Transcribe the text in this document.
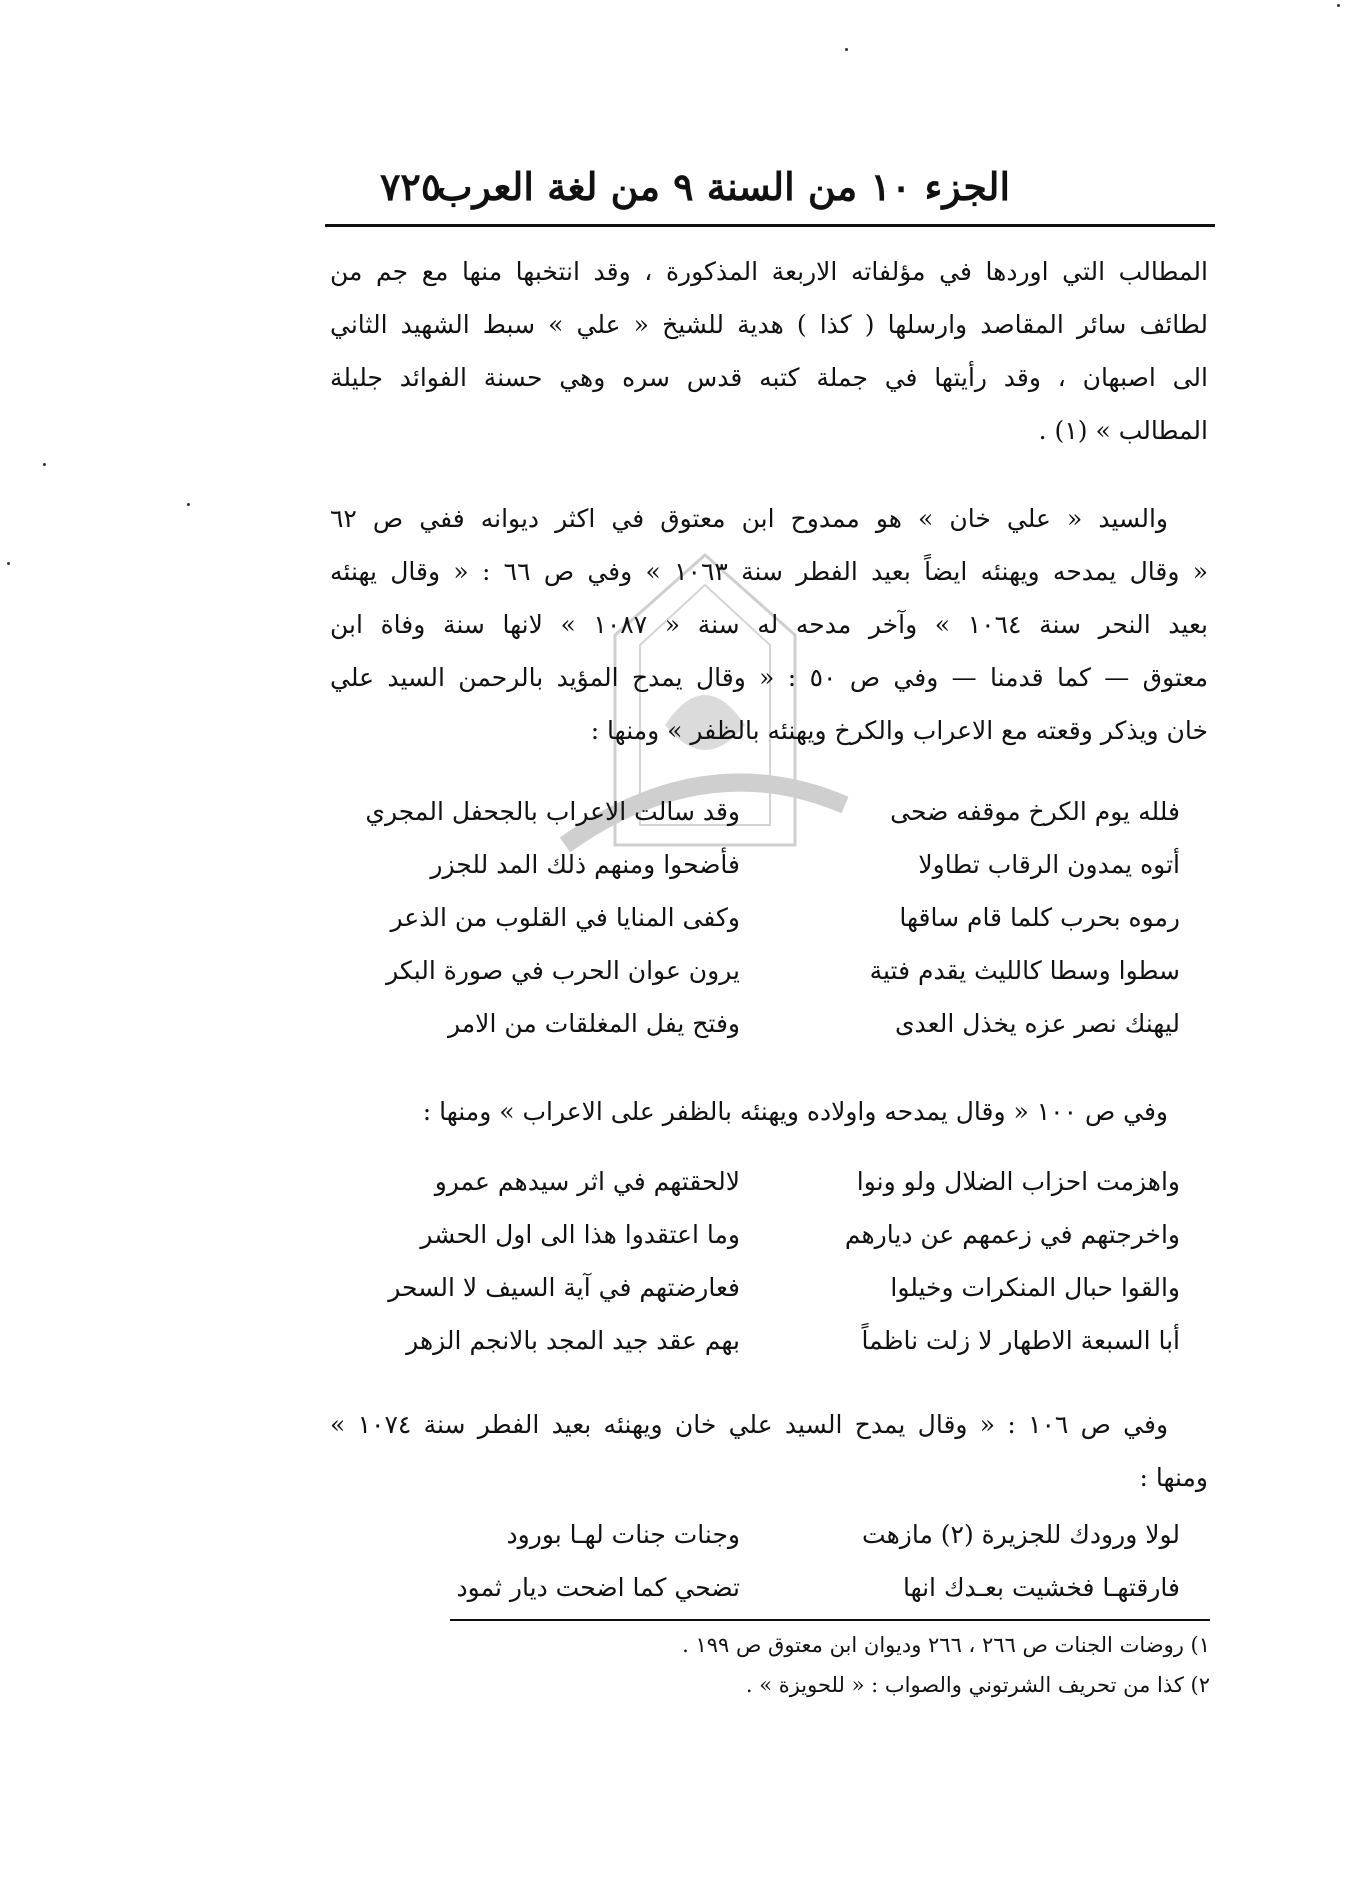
الجزء ١٠ من السنة ٩ من لغة العرب
٧٢٥
المطالب التي اوردها في مؤلفاته الاربعة المذكورة ، وقد انتخبها منها مع جم من
لطائف سائر المقاصد وارسلها ( كذا ) هدية للشيخ « علي » سبط الشهيد الثاني
الى اصبهان ، وقد رأيتها في جملة كتبه قدس سره وهي حسنة الفوائد جليلة
المطالب » (١) .
والسيد « علي خان » هو ممدوح ابن معتوق في اكثر ديوانه ففي ص ٦٢
« وقال يمدحه ويهنئه ايضاً بعيد الفطر سنة ١٠٦٣ » وفي ص ٦٦ : « وقال يهنئه
بعيد النحر سنة ١٠٦٤ » وآخر مدحه له سنة « ١٠٨٧ » لانها سنة وفاة ابن
معتوق — كما قدمنا — وفي ص ٥٠ : « وقال يمدح المؤيد بالرحمن السيد علي
خان ويذكر وقعته مع الاعراب والكرخ ويهنئه بالظفر » ومنها :
فلله يوم الكرخ موقفه ضحى
وقد سالت الاعراب بالجحفل المجري
أتوه يمدون الرقاب تطاولا
فأضحوا ومنهم ذلك المد للجزر
رموه بحرب كلما قام ساقها
وكفى المنايا في القلوب من الذعر
سطوا وسطا كالليث يقدم فتية
يرون عوان الحرب في صورة البكر
ليهنك نصر عزه يخذل العدى
وفتح يفل المغلقات من الامر
وفي ص ١٠٠ « وقال يمدحه واولاده ويهنئه بالظفر على الاعراب » ومنها :
واهزمت احزاب الضلال ولو ونوا
لالحقتهم في اثر سيدهم عمرو
واخرجتهم في زعمهم عن ديارهم
وما اعتقدوا هذا الى اول الحشر
والقوا حبال المنكرات وخيلوا
فعارضتهم في آية السيف لا السحر
أبا السبعة الاطهار لا زلت ناظماً
بهم عقد جيد المجد بالانجم الزهر
وفي ص ١٠٦ : « وقال يمدح السيد علي خان ويهنئه بعيد الفطر سنة ١٠٧٤ »
ومنها :
لولا ورودك للجزيرة (٢) مازهت
وجنات جنات لهـا بورود
فارقتهـا فخشيت بعـدك انها
تضحي كما اضحت ديار ثمود
١) روضات الجنات ص ٢٦٦ ، ٢٦٦ وديوان ابن معتوق ص ١٩٩ .
٢) كذا من تحريف الشرتوني والصواب : « للحويزة » .
